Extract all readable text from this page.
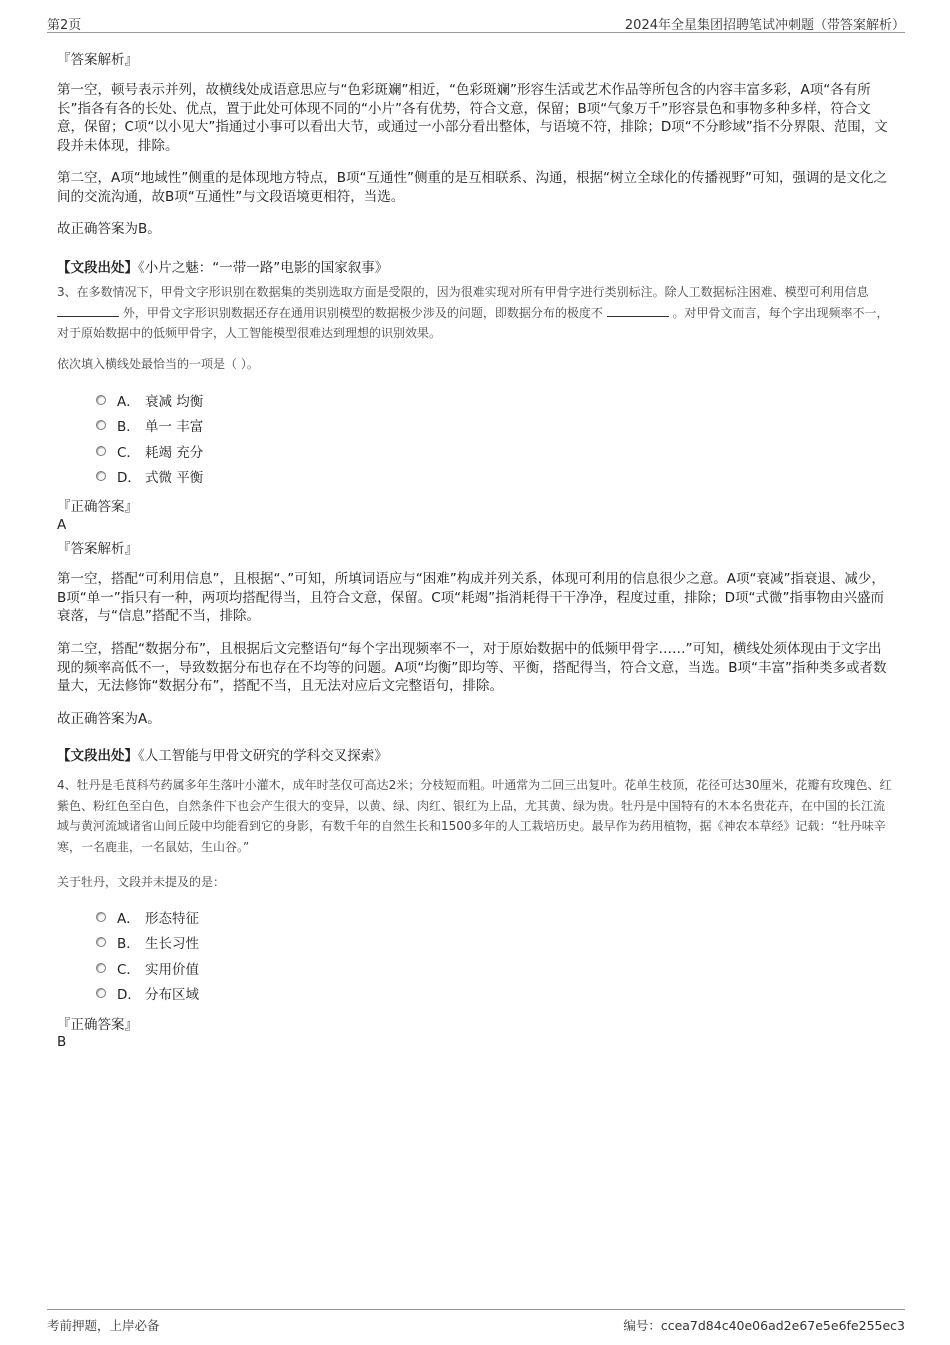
第2页	2024年全星集团招聘笔试冲刺题（带答案解析）
『答案解析』

第一空，顿号表示并列，故横线处成语意思应与“色彩斑斓”相近，“色彩斑斓”形容生活或艺术作品等所包含的内容丰富多彩，A项“各有所长”指各有各的长处、优点，置于此处可体现不同的“小片”各有优势，符合文意，保留；B项“气象万千”形容景色和事物多种多样，符合文意，保留；C项“以小见大”指通过小事可以看出大节，或通过一小部分看出整体，与语境不符，排除；D项“不分畛域”指不分界限、范围，文段并未体现，排除。

第二空，A项“地域性”侧重的是体现地方特点，B项“互通性”侧重的是互相联系、沟通，根据“树立全球化的传播视野”可知，强调的是文化之间的交流沟通，故B项“互通性”与文段语境更相符，当选。

故正确答案为B。

【文段出处】《小片之魅：“一带一路”电影的国家叙事》

3、在多数情况下，甲骨文字形识别在数据集的类别选取方面是受限的，因为很难实现对所有甲骨字进行类别标注。除人工数据标注困难、模型可利用信息  外，甲骨文字形识别数据还存在通用识别模型的数据极少涉及的问题，即数据分布的极度不	。对甲骨文而言，每个字出现频率不一，对于原始数据中的低频甲骨字，人工智能模型很难达到理想的识别效果。

依次填入横线处最恰当的一项是（ ）。

A． 衰减 均衡
B． 单一 丰富
C． 耗竭 充分
D． 式微 平衡
『正确答案』
A
『答案解析』

第一空，搭配“可利用信息”，且根据“、”可知，所填词语应与“困难”构成并列关系，体现可利用的信息很少之意。A项“衰减”指衰退、减少，B项“单一”指只有一种，两项均搭配得当，且符合文意，保留。C项“耗竭”指消耗得干干净净，程度过重，排除；D项“式微”指事物由兴盛而衰落，与“信息”搭配不当，排除。

第二空，搭配“数据分布”，且根据后文完整语句“每个字出现频率不一，对于原始数据中的低频甲骨字……”可知，横线处须体现由于文字出现的频率高低不一，导致数据分布也存在不均等的问题。A项“均衡”即均等、平衡，搭配得当，符合文意，当选。B项“丰富”指种类多或者数量大，无法修饰“数据分布”，搭配不当，且无法对应后文完整语句，排除。

故正确答案为A。

【文段出处】《人工智能与甲骨文研究的学科交叉探索》

4、牡丹是毛茛科芍药属多年生落叶小灌木，成年时茎仅可高达2米；分枝短而粗。叶通常为二回三出复叶。花单生枝顶，花径可达30厘米，花瓣有玫瑰色、红紫色、粉红色至白色，自然条件下也会产生很大的变异，以黄、绿、肉红、银红为上品，尤其黄、绿为贵。牡丹是中国特有的木本名贵花卉，在中国的长江流域与黄河流域诸省山间丘陵中均能看到它的身影，有数千年的自然生长和1500多年的人工栽培历史。最早作为药用植物，据《神农本草经》记载：“牡丹味辛寒，一名鹿韭，一名鼠姑，生山谷。”

关于牡丹，文段并未提及的是：

A． 形态特征
B． 生长习性
C． 实用价值
D． 分布区域
『正确答案』
B
考前押题，上岸必备	编号：ccea7d84c40e06ad2e67e5e6fe255ec3
